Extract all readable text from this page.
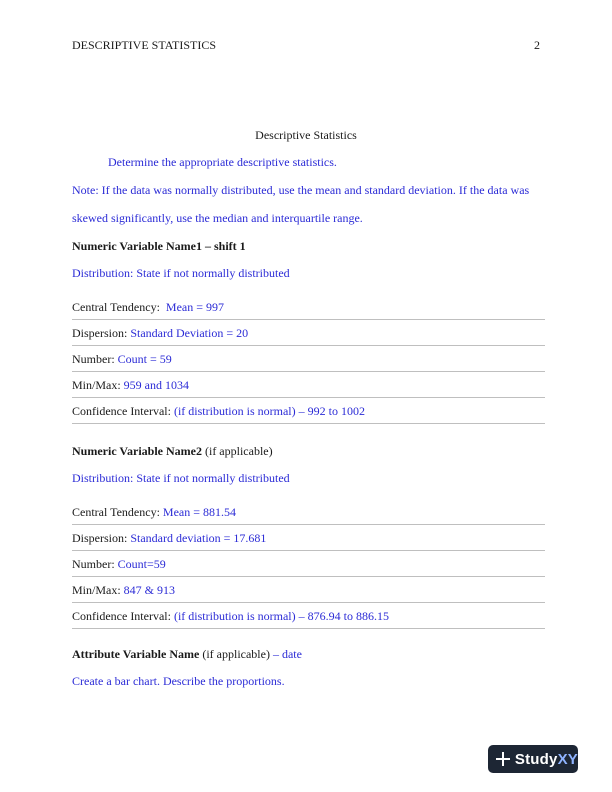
DESCRIPTIVE STATISTICS	2
Descriptive Statistics
Determine the appropriate descriptive statistics.
Note: If the data was normally distributed, use the mean and standard deviation. If the data was
skewed significantly, use the median and interquartile range.
Numeric Variable Name1 – shift 1
Distribution: State if not normally distributed
Central Tendency: Mean = 997
Dispersion: Standard Deviation = 20
Number: Count = 59
Min/Max: 959 and 1034
Confidence Interval: (if distribution is normal) – 992 to 1002
Numeric Variable Name2 (if applicable)
Distribution: State if not normally distributed
Central Tendency: Mean = 881.54
Dispersion: Standard deviation = 17.681
Number: Count=59
Min/Max: 847 & 913
Confidence Interval: (if distribution is normal) – 876.94 to 886.15
Attribute Variable Name (if applicable) – date
Create a bar chart. Describe the proportions.
StudyXY
